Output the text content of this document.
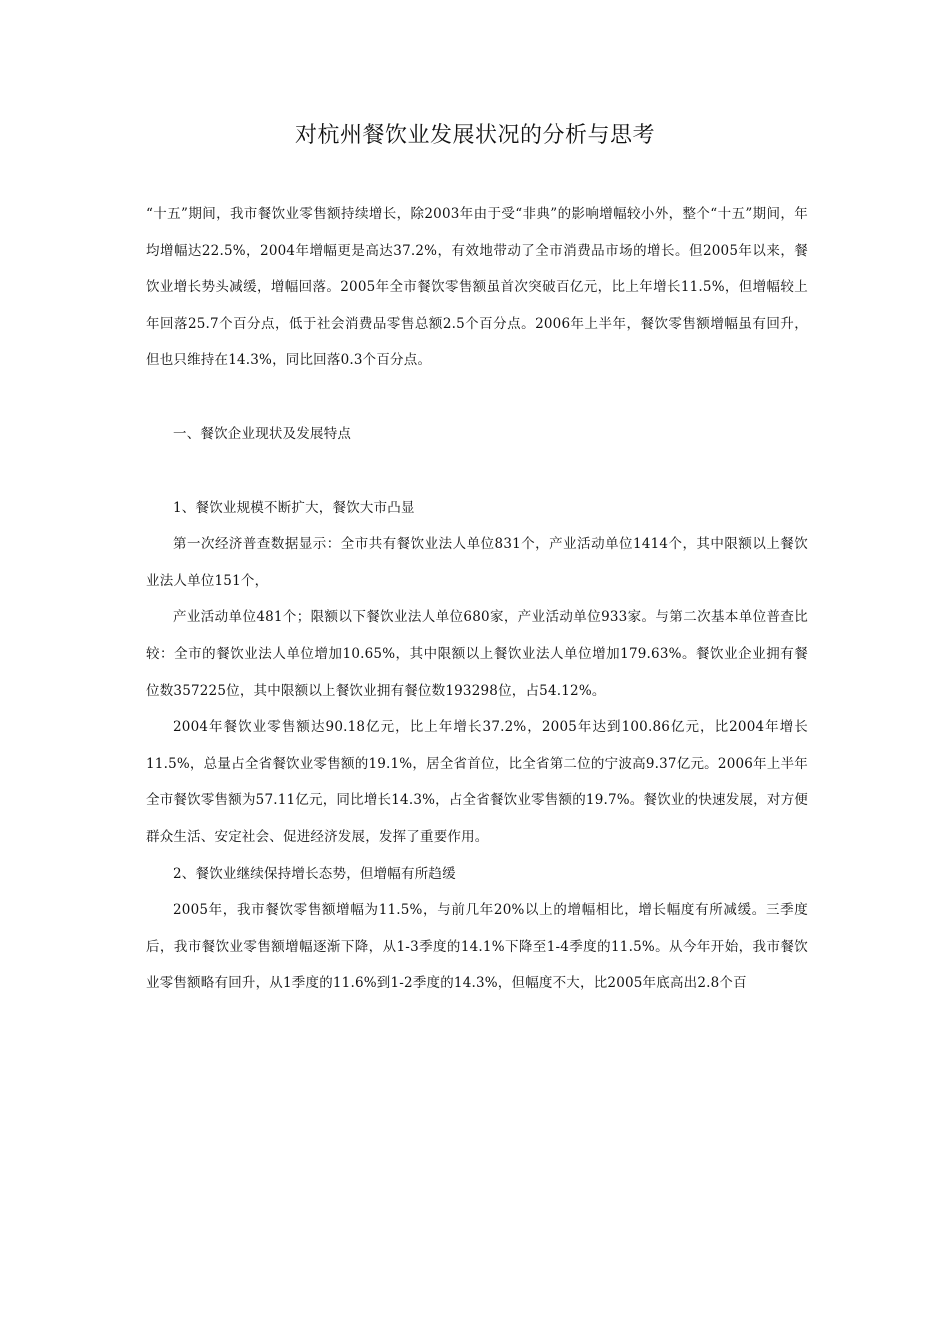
对杭州餐饮业发展状况的分析与思考

“十五”期间，我市餐饮业零售额持续增长，除2003年由于受“非典”的影响增幅较小外，整个“十五”期间，年均增幅达22.5%，2004年增幅更是高达37.2%，有效地带动了全市消费品市场的增长。但2005年以来，餐饮业增长势头减缓，增幅回落。2005年全市餐饮零售额虽首次突破百亿元，比上年增长11.5%，但增幅较上年回落25.7个百分点，低于社会消费品零售总额2.5个百分点。2006年上半年，餐饮零售额增幅虽有回升，但也只维持在14.3%，同比回落0.3个百分点。

一、餐饮企业现状及发展特点

1、餐饮业规模不断扩大，餐饮大市凸显

第一次经济普查数据显示：全市共有餐饮业法人单位831个，产业活动单位1414个，其中限额以上餐饮业法人单位151个，

产业活动单位481个；限额以下餐饮业法人单位680家，产业活动单位933家。与第二次基本单位普查比较：全市的餐饮业法人单位增加10.65%，其中限额以上餐饮业法人单位增加179.63%。餐饮业企业拥有餐位数357225位，其中限额以上餐饮业拥有餐位数193298位，占54.12%。

2004年餐饮业零售额达90.18亿元，比上年增长37.2%，2005年达到100.86亿元，比2004年增长11.5%，总量占全省餐饮业零售额的19.1%，居全省首位，比全省第二位的宁波高9.37亿元。2006年上半年全市餐饮零售额为57.11亿元，同比增长14.3%，占全省餐饮业零售额的19.7%。餐饮业的快速发展，对方便群众生活、安定社会、促进经济发展，发挥了重要作用。

2、餐饮业继续保持增长态势，但增幅有所趋缓

2005年，我市餐饮零售额增幅为11.5%，与前几年20%以上的增幅相比，增长幅度有所减缓。三季度后，我市餐饮业零售额增幅逐渐下降，从1-3季度的14.1%下降至1-4季度的11.5%。从今年开始，我市餐饮业零售额略有回升，从1季度的11.6%到1-2季度的14.3%，但幅度不大，比2005年底高出2.8个百
